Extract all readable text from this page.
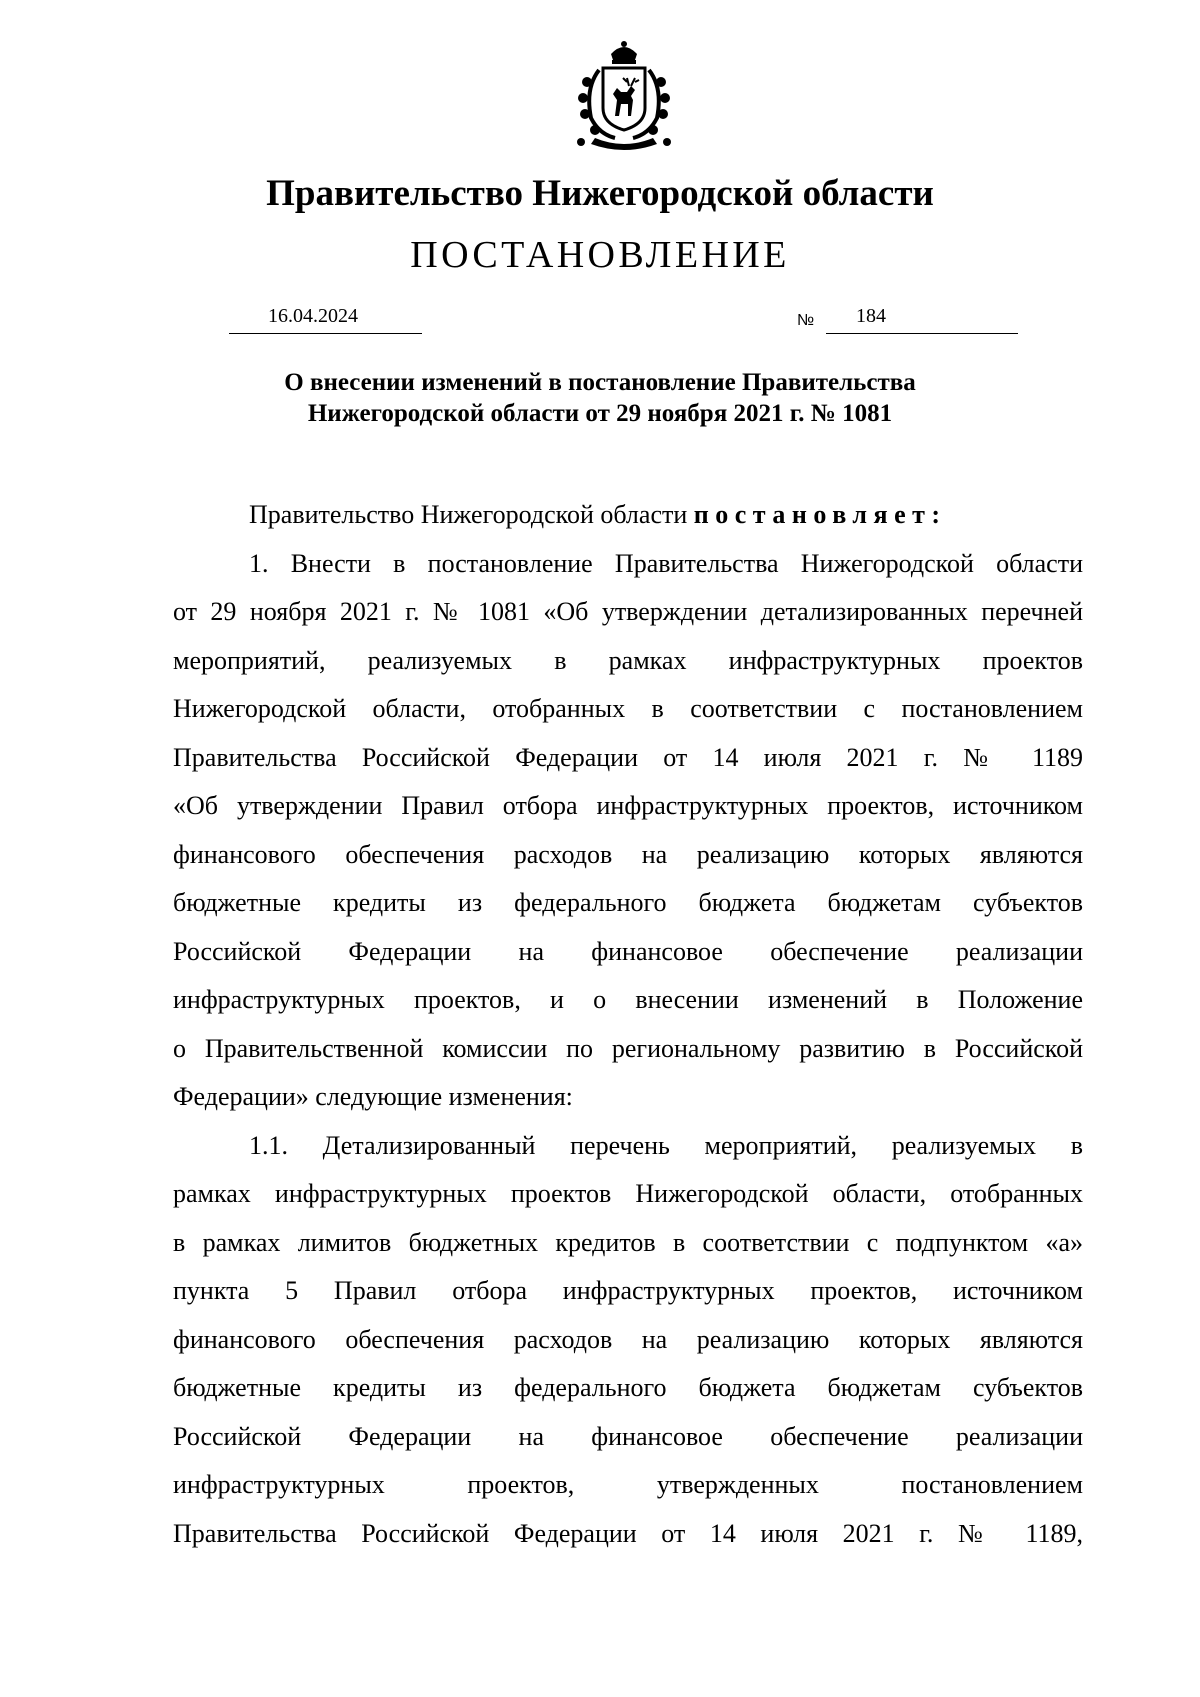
Правительство Нижегородской области
ПОСТАНОВЛЕНИЕ
16.04.2024	№ 184
О внесении изменений в постановление Правительства
Нижегородской области от 29 ноября 2021 г. № 1081
Правительство Нижегородской области постановляет:
1. Внести в постановление Правительства Нижегородской области
от 29 ноября 2021 г. № 1081 «Об утверждении детализированных перечней
мероприятий, реализуемых в рамках инфраструктурных проектов
Нижегородской области, отобранных в соответствии с постановлением
Правительства Российской Федерации от 14 июля 2021 г. № 1189
«Об утверждении Правил отбора инфраструктурных проектов, источником
финансового обеспечения расходов на реализацию которых являются
бюджетные кредиты из федерального бюджета бюджетам субъектов
Российской Федерации на финансовое обеспечение реализации
инфраструктурных проектов, и о внесении изменений в Положение
о Правительственной комиссии по региональному развитию в Российской
Федерации» следующие изменения:
1.1. Детализированный перечень мероприятий, реализуемых в
рамках инфраструктурных проектов Нижегородской области, отобранных
в рамках лимитов бюджетных кредитов в соответствии с подпунктом «а»
пункта 5 Правил отбора инфраструктурных проектов, источником
финансового обеспечения расходов на реализацию которых являются
бюджетные кредиты из федерального бюджета бюджетам субъектов
Российской Федерации на финансовое обеспечение реализации
инфраструктурных проектов, утвержденных постановлением
Правительства Российской Федерации от 14 июля 2021 г. № 1189,
